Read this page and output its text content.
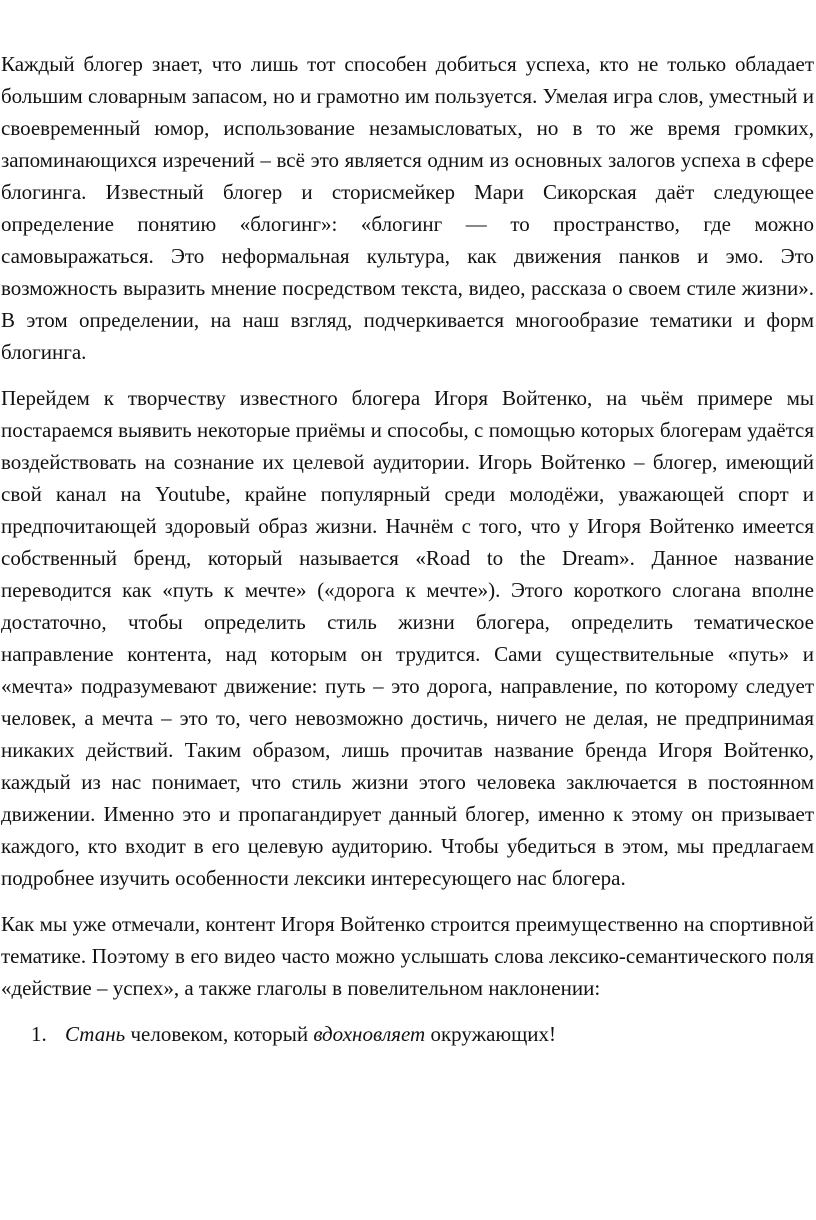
Каждый блогер знает, что лишь тот способен добиться успеха, кто не только обладает большим словарным запасом, но и грамотно им пользуется. Умелая игра слов, уместный и своевременный юмор, использование незамысловатых, но в то же время громких, запоминающихся изречений – всё это является одним из основных залогов успеха в сфере блогинга. Известный блогер и сторисмейкер Мари Сикорская даёт следующее определение понятию «блогинг»: «блогинг — то пространство, где можно самовыражаться. Это неформальная культура, как движения панков и эмо. Это возможность выразить мнение посредством текста, видео, рассказа о своем стиле жизни». В этом определении, на наш взгляд, подчеркивается многообразие тематики и форм блогинга.

Перейдем к творчеству известного блогера Игоря Войтенко, на чьём примере мы постараемся выявить некоторые приёмы и способы, с помощью которых блогерам удаётся воздействовать на сознание их целевой аудитории. Игорь Войтенко – блогер, имеющий свой канал на Youtube, крайне популярный среди молодёжи, уважающей спорт и предпочитающей здоровый образ жизни. Начнём с того, что у Игоря Войтенко имеется собственный бренд, который называется «Road to the Dream». Данное название переводится как «путь к мечте» («дорога к мечте»). Этого короткого слогана вполне достаточно, чтобы определить стиль жизни блогера, определить тематическое направление контента, над которым он трудится. Сами существительные «путь» и «мечта» подразумевают движение: путь – это дорога, направление, по которому следует человек, а мечта – это то, чего невозможно достичь, ничего не делая, не предпринимая никаких действий. Таким образом, лишь прочитав название бренда Игоря Войтенко, каждый из нас понимает, что стиль жизни этого человека заключается в постоянном движении. Именно это и пропагандирует данный блогер, именно к этому он призывает каждого, кто входит в его целевую аудиторию. Чтобы убедиться в этом, мы предлагаем подробнее изучить особенности лексики интересующего нас блогера.

Как мы уже отмечали, контент Игоря Войтенко строится преимущественно на спортивной тематике. Поэтому в его видео часто можно услышать слова лексико-семантического поля «действие – успех», а также глаголы в повелительном наклонении:

1. Стань человеком, который вдохновляет окружающих!
